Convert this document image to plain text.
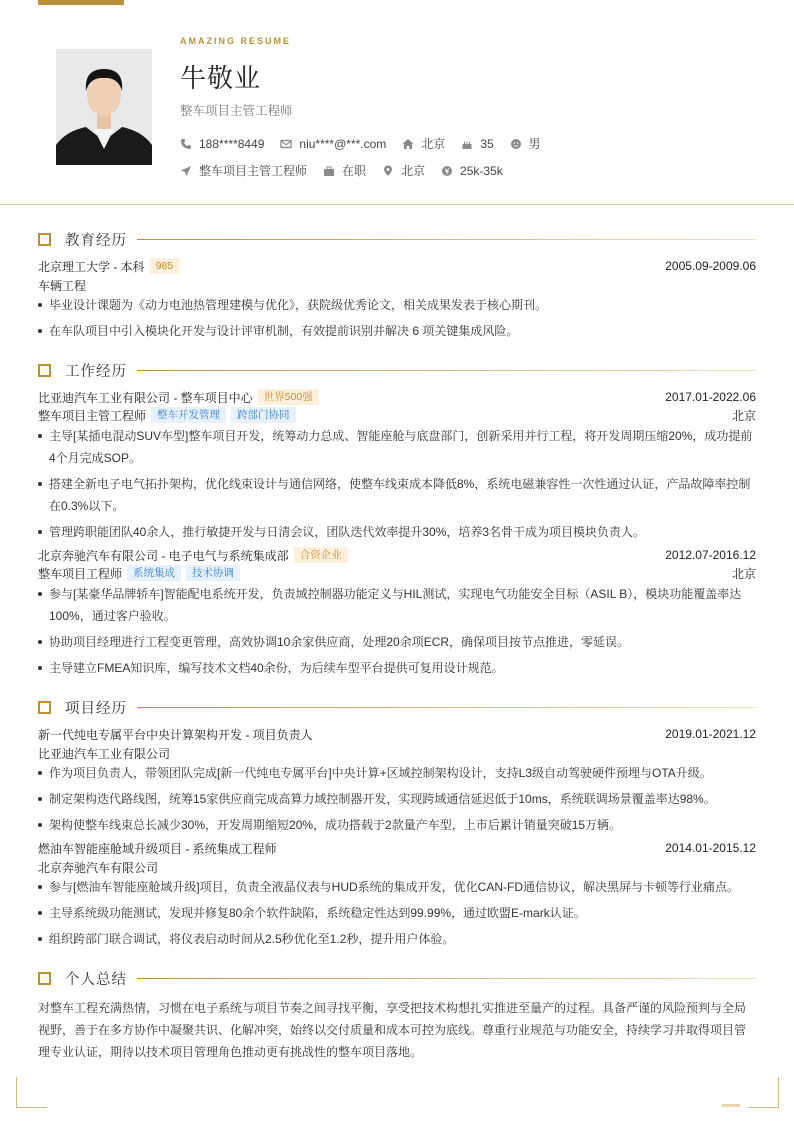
AMAZING RESUME
牛敬业
整车项目主管工程师
188****8449	niu****@***.com	北京	35	男
整车项目主管工程师	在职	北京	25k-35k
教育经历
北京理工大学 - 本科	985	2005.09-2009.06
车辆工程
毕业设计课题为《动力电池热管理建模与优化》，获院级优秀论文，相关成果发表于核心期刊。
在车队项目中引入模块化开发与设计评审机制，有效提前识别并解决 6 项关键集成风险。
工作经历
比亚迪汽车工业有限公司 - 整车项目中心	世界500强	2017.01-2022.06
整车项目主管工程师	整车开发管理	跨部门协同	北京
主导[某插电混动SUV车型]整车项目开发，统筹动力总成、智能座舱与底盘部门，创新采用并行工程，将开发周期压缩20%，成功提前4个月完成SOP。
搭建全新电子电气拓扑架构，优化线束设计与通信网络，使整车线束成本降低8%，系统电磁兼容性一次性通过认证，产品故障率控制在0.3%以下。
管理跨职能团队40余人，推行敏捷开发与日清会议，团队迭代效率提升30%，培养3名骨干成为项目模块负责人。
北京奔驰汽车有限公司 - 电子电气与系统集成部	合资企业	2012.07-2016.12
整车项目工程师	系统集成	技术协调	北京
参与[某豪华品牌轿车]智能配电系统开发，负责域控制器功能定义与HIL测试，实现电气功能安全目标（ASIL B），模块功能覆盖率达100%，通过客户验收。
协助项目经理进行工程变更管理，高效协调10余家供应商，处理20余项ECR，确保项目按节点推进，零延误。
主导建立FMEA知识库，编写技术文档40余份，为后续车型平台提供可复用设计规范。
项目经历
新一代纯电专属平台中央计算架构开发 - 项目负责人	2019.01-2021.12
比亚迪汽车工业有限公司
作为项目负责人，带领团队完成[新一代纯电专属平台]中央计算+区域控制架构设计，支持L3级自动驾驶硬件预埋与OTA升级。
制定架构迭代路线图，统筹15家供应商完成高算力域控制器开发，实现跨域通信延迟低于10ms，系统联调场景覆盖率达98%。
架构使整车线束总长减少30%，开发周期缩短20%，成功搭载于2款量产车型，上市后累计销量突破15万辆。
燃油车智能座舱域升级项目 - 系统集成工程师	2014.01-2015.12
北京奔驰汽车有限公司
参与[燃油车智能座舱域升级]项目，负责全液晶仪表与HUD系统的集成开发，优化CAN-FD通信协议，解决黑屏与卡顿等行业痛点。
主导系统级功能测试，发现并修复80余个软件缺陷，系统稳定性达到99.99%，通过欧盟E-mark认证。
组织跨部门联合调试，将仪表启动时间从2.5秒优化至1.2秒，提升用户体验。
个人总结
对整车工程充满热情，习惯在电子系统与项目节奏之间寻找平衡，享受把技术构想扎实推进至量产的过程。具备严谨的风险预判与全局视野，善于在多方协作中凝聚共识、化解冲突，始终以交付质量和成本可控为底线。尊重行业规范与功能安全，持续学习并取得项目管理专业认证，期待以技术项目管理角色推动更有挑战性的整车项目落地。
